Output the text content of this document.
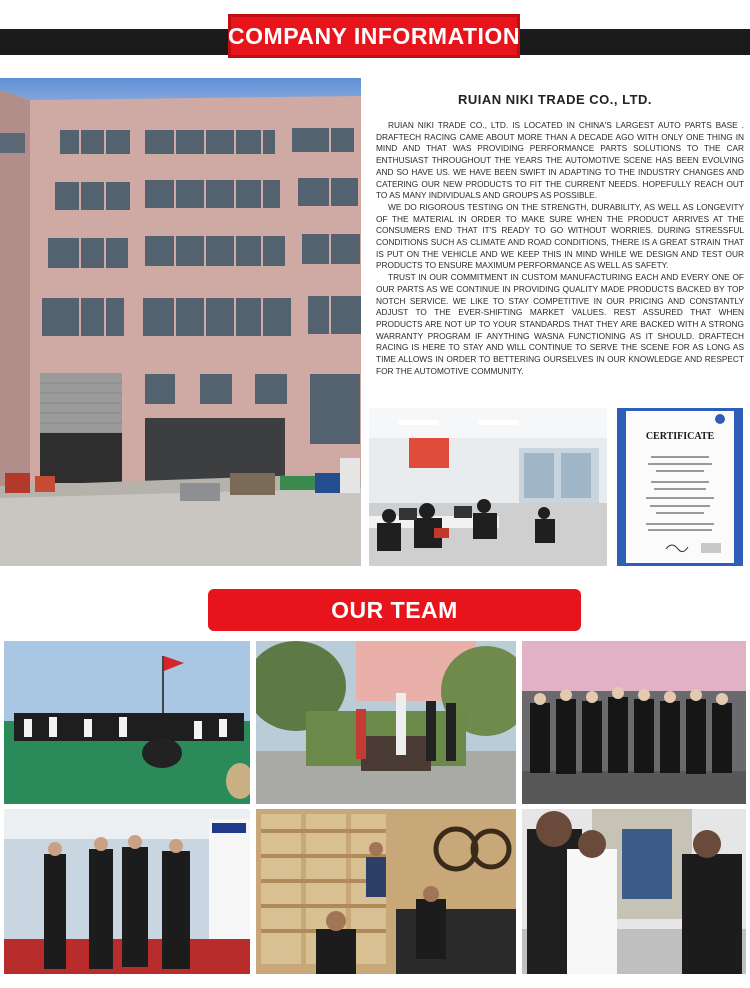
COMPANY INFORMATION
RUIAN NIKI TRADE CO., LTD.

RUIAN NIKI TRADE CO., LTD. IS LOCATED IN CHINA'S LARGEST AUTO PARTS BASE . DRAFTECH RACING CAME ABOUT MORE THAN A DECADE AGO WITH ONLY ONE THING IN MIND AND THAT WAS PROVIDING PERFORMANCE PARTS SOLUTIONS TO THE CAR ENTHUSIAST THROUGHOUT THE YEARS THE AUTOMOTIVE SCENE HAS BEEN EVOLVING AND SO HAVE US. WE HAVE BEEN SWIFT IN ADAPTING TO THE INDUSTRY CHANGES AND CATERING OUR NEW PRODUCTS TO FIT THE CURRENT NEEDS. HOPEFULLY REACH OUT TO AS MANY INDIVIDUALS AND GROUPS AS POSSIBLE.

WE DO RIGOROUS TESTING ON THE STRENGTH, DURABILITY, AS WELL AS LONGEVITY OF THE MATERIAL IN ORDER TO MAKE SURE WHEN THE PRODUCT ARRIVES AT THE CONSUMERS END THAT IT'S READY TO GO WITHOUT WORRIES. DURING STRESSFUL CONDITIONS SUCH AS CLIMATE AND ROAD CONDITIONS, THERE IS A GREAT STRAIN THAT IS PUT ON THE VEHICLE AND WE KEEP THIS IN MIND WHILE WE DESIGN AND TEST OUR PRODUCTS TO ENSURE MAXIMUM PERFORMANCE AS WELL AS SAFETY.

TRUST IN OUR COMMITMENT IN CUSTOM MANUFACTURING EACH AND EVERY ONE OF OUR PARTS AS WE CONTINUE IN PROVIDING QUALITY MADE PRODUCTS BACKED BY TOP NOTCH SERVICE. WE LIKE TO STAY COMPETITIVE IN OUR PRICING AND CONSTANTLY ADJUST TO THE EVER-SHIFTING MARKET VALUES. REST ASSURED THAT WHEN PRODUCTS ARE NOT UP TO YOUR STANDARDS THAT THEY ARE BACKED WITH A STRONG WARRANTY PROGRAM IF ANYTHING WASNA FUNCTIONING AS IT SHOULD. DRAFTECH RACING IS HERE TO STAY AND WILL CONTINUE TO SERVE THE SCENE FOR AS LONG AS TIME ALLOWS IN ORDER TO BETTERING OURSELVES IN OUR KNOWLEDGE AND RESPECT FOR THE AUTOMOTIVE COMMUNITY.

CERTIFICATE
OUR TEAM
